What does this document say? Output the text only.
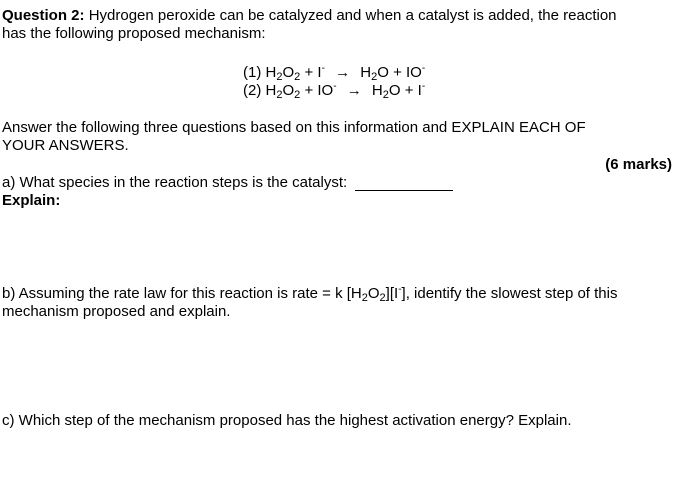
Question 2: Hydrogen peroxide can be catalyzed and when a catalyst is added, the reaction
has the following proposed mechanism:
(1) $H_2O_2 + I^- \to H_2O + IO^-$
(2) $H_2O_2 + IO^- \to H_2O + I^-$
Answer the following three questions based on this information and EXPLAIN EACH OF
YOUR ANSWERS.
(6 marks)
a) What species in the reaction steps is the catalyst:
Explain:
b) Assuming the rate law for this reaction is rate = k $[H_2O_2][I^-]$, identify the slowest step of this
mechanism proposed and explain.
c) Which step of the mechanism proposed has the highest activation energy? Explain.
